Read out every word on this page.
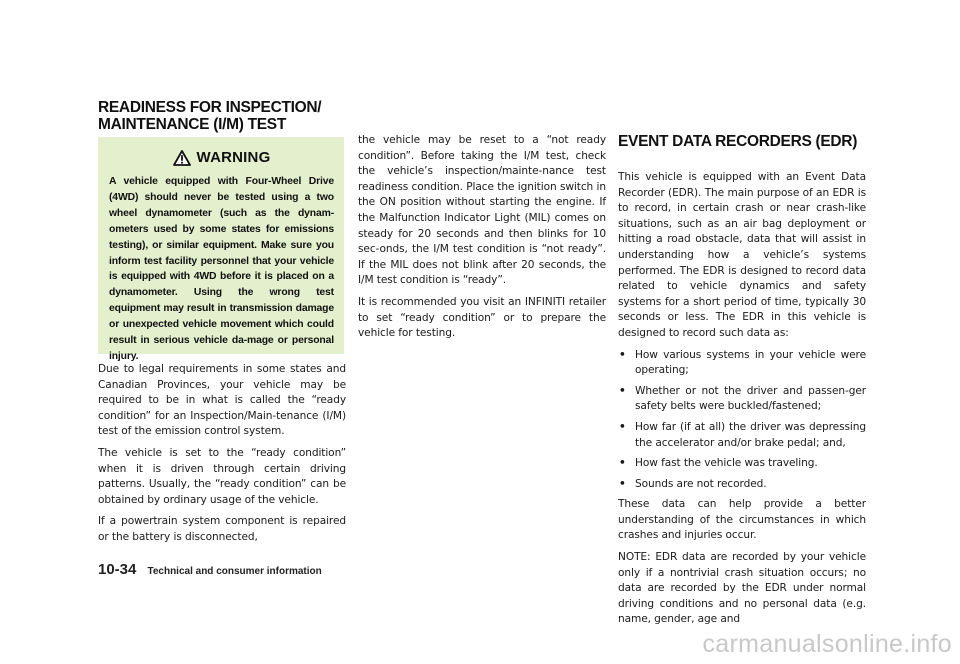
READINESS FOR INSPECTION/
MAINTENANCE (I/M) TEST
WARNING

A vehicle equipped with Four-Wheel Drive (4WD) should never be tested using a two wheel dynamometer (such as the dynam-ometers used by some states for emissions testing), or similar equipment. Make sure you inform test facility personnel that your vehicle is equipped with 4WD before it is placed on a dynamometer. Using the wrong test equipment may result in transmission damage or unexpected vehicle movement which could result in serious vehicle da-mage or personal injury.

Due to legal requirements in some states and Canadian Provinces, your vehicle may be required to be in what is called the “ready condition” for an Inspection/Main-tenance (I/M) test of the emission control system.

The vehicle is set to the “ready condition” when it is driven through certain driving patterns. Usually, the “ready condition” can be obtained by ordinary usage of the vehicle.

If a powertrain system component is repaired or the battery is disconnected,

the vehicle may be reset to a “not ready condition”. Before taking the I/M test, check the vehicle’s inspection/mainte-nance test readiness condition. Place the ignition switch in the ON position without starting the engine. If the Malfunction Indicator Light (MIL) comes on steady for 20 seconds and then blinks for 10 sec-onds, the I/M test condition is “not ready”. If the MIL does not blink after 20 seconds, the I/M test condition is “ready”.

It is recommended you visit an INFINITI retailer to set “ready condition” or to prepare the vehicle for testing.

EVENT DATA RECORDERS (EDR)

This vehicle is equipped with an Event Data Recorder (EDR). The main purpose of an EDR is to record, in certain crash or near crash-like situations, such as an air bag deployment or hitting a road obstacle, data that will assist in understanding how a vehicle’s systems performed. The EDR is designed to record data related to vehicle dynamics and safety systems for a short period of time, typically 30 seconds or less. The EDR in this vehicle is designed to record such data as:

• How various systems in your vehicle were operating;
• Whether or not the driver and passen-ger safety belts were buckled/fastened;
• How far (if at all) the driver was depressing the accelerator and/or brake pedal; and,
• How fast the vehicle was traveling.
• Sounds are not recorded.

These data can help provide a better understanding of the circumstances in which crashes and injuries occur.

NOTE: EDR data are recorded by your vehicle only if a nontrivial crash situation occurs; no data are recorded by the EDR under normal driving conditions and no personal data (e.g. name, gender, age and

10-34 Technical and consumer information
carmanualsonline.info
